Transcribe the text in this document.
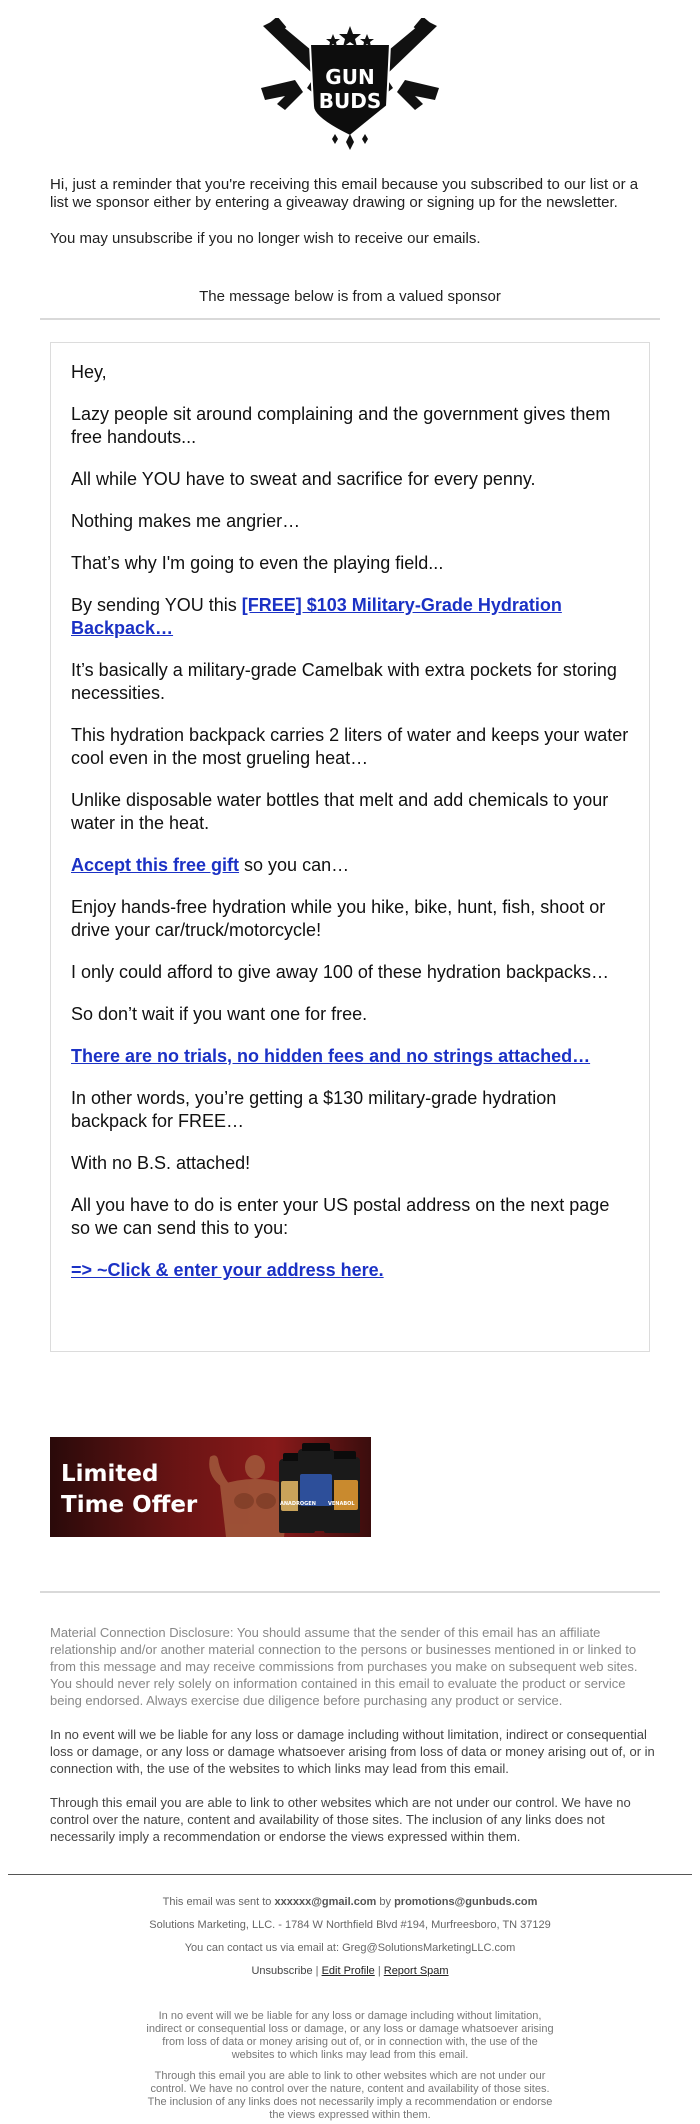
GUN
BUDS

Hi, just a reminder that you're receiving this email because you subscribed to our list or a list we sponsor either by entering a giveaway drawing or signing up for the newsletter.

You may unsubscribe if you no longer wish to receive our emails.

The message below is from a valued sponsor

Hey,

Lazy people sit around complaining and the government gives them free handouts...

All while YOU have to sweat and sacrifice for every penny.

Nothing makes me angrier…

That’s why I'm going to even the playing field...

By sending YOU this [FREE] $103 Military-Grade Hydration Backpack…

It’s basically a military-grade Camelbak with extra pockets for storing necessities.

This hydration backpack carries 2 liters of water and keeps your water cool even in the most grueling heat…

Unlike disposable water bottles that melt and add chemicals to your water in the heat.

Accept this free gift so you can…

Enjoy hands-free hydration while you hike, bike, hunt, fish, shoot or drive your car/truck/motorcycle!

I only could afford to give away 100 of these hydration backpacks…

So don’t wait if you want one for free.

There are no trials, no hidden fees and no strings attached…

In other words, you’re getting a $130 military-grade hydration backpack for FREE…

With no B.S. attached!

All you have to do is enter your US postal address on the next page so we can send this to you:

=> ~Click & enter your address here.

Limited
Time Offer	ANADROGEN VENABOL

Material Connection Disclosure: You should assume that the sender of this email has an affiliate relationship and/or another material connection to the persons or businesses mentioned in or linked to from this message and may receive commissions from purchases you make on subsequent web sites. You should never rely solely on information contained in this email to evaluate the product or service being endorsed. Always exercise due diligence before purchasing any product or service.

In no event will we be liable for any loss or damage including without limitation, indirect or consequential loss or damage, or any loss or damage whatsoever arising from loss of data or money arising out of, or in connection with, the use of the websites to which links may lead from this email.

Through this email you are able to link to other websites which are not under our control. We have no control over the nature, content and availability of those sites. The inclusion of any links does not necessarily imply a recommendation or endorse the views expressed within them.

This email was sent to xxxxxx@gmail.com by promotions@gunbuds.com
Solutions Marketing, LLC. - 1784 W Northfield Blvd #194, Murfreesboro, TN 37129
You can contact us via email at: Greg@SolutionsMarketingLLC.com
Unsubscribe | Edit Profile | Report Spam
In no event will we be liable for any loss or damage including without limitation, indirect or consequential loss or damage, or any loss or damage whatsoever arising from loss of data or money arising out of, or in connection with, the use of the websites to which links may lead from this email.
Through this email you are able to link to other websites which are not under our control. We have no control over the nature, content and availability of those sites. The inclusion of any links does not necessarily imply a recommendation or endorse the views expressed within them.
